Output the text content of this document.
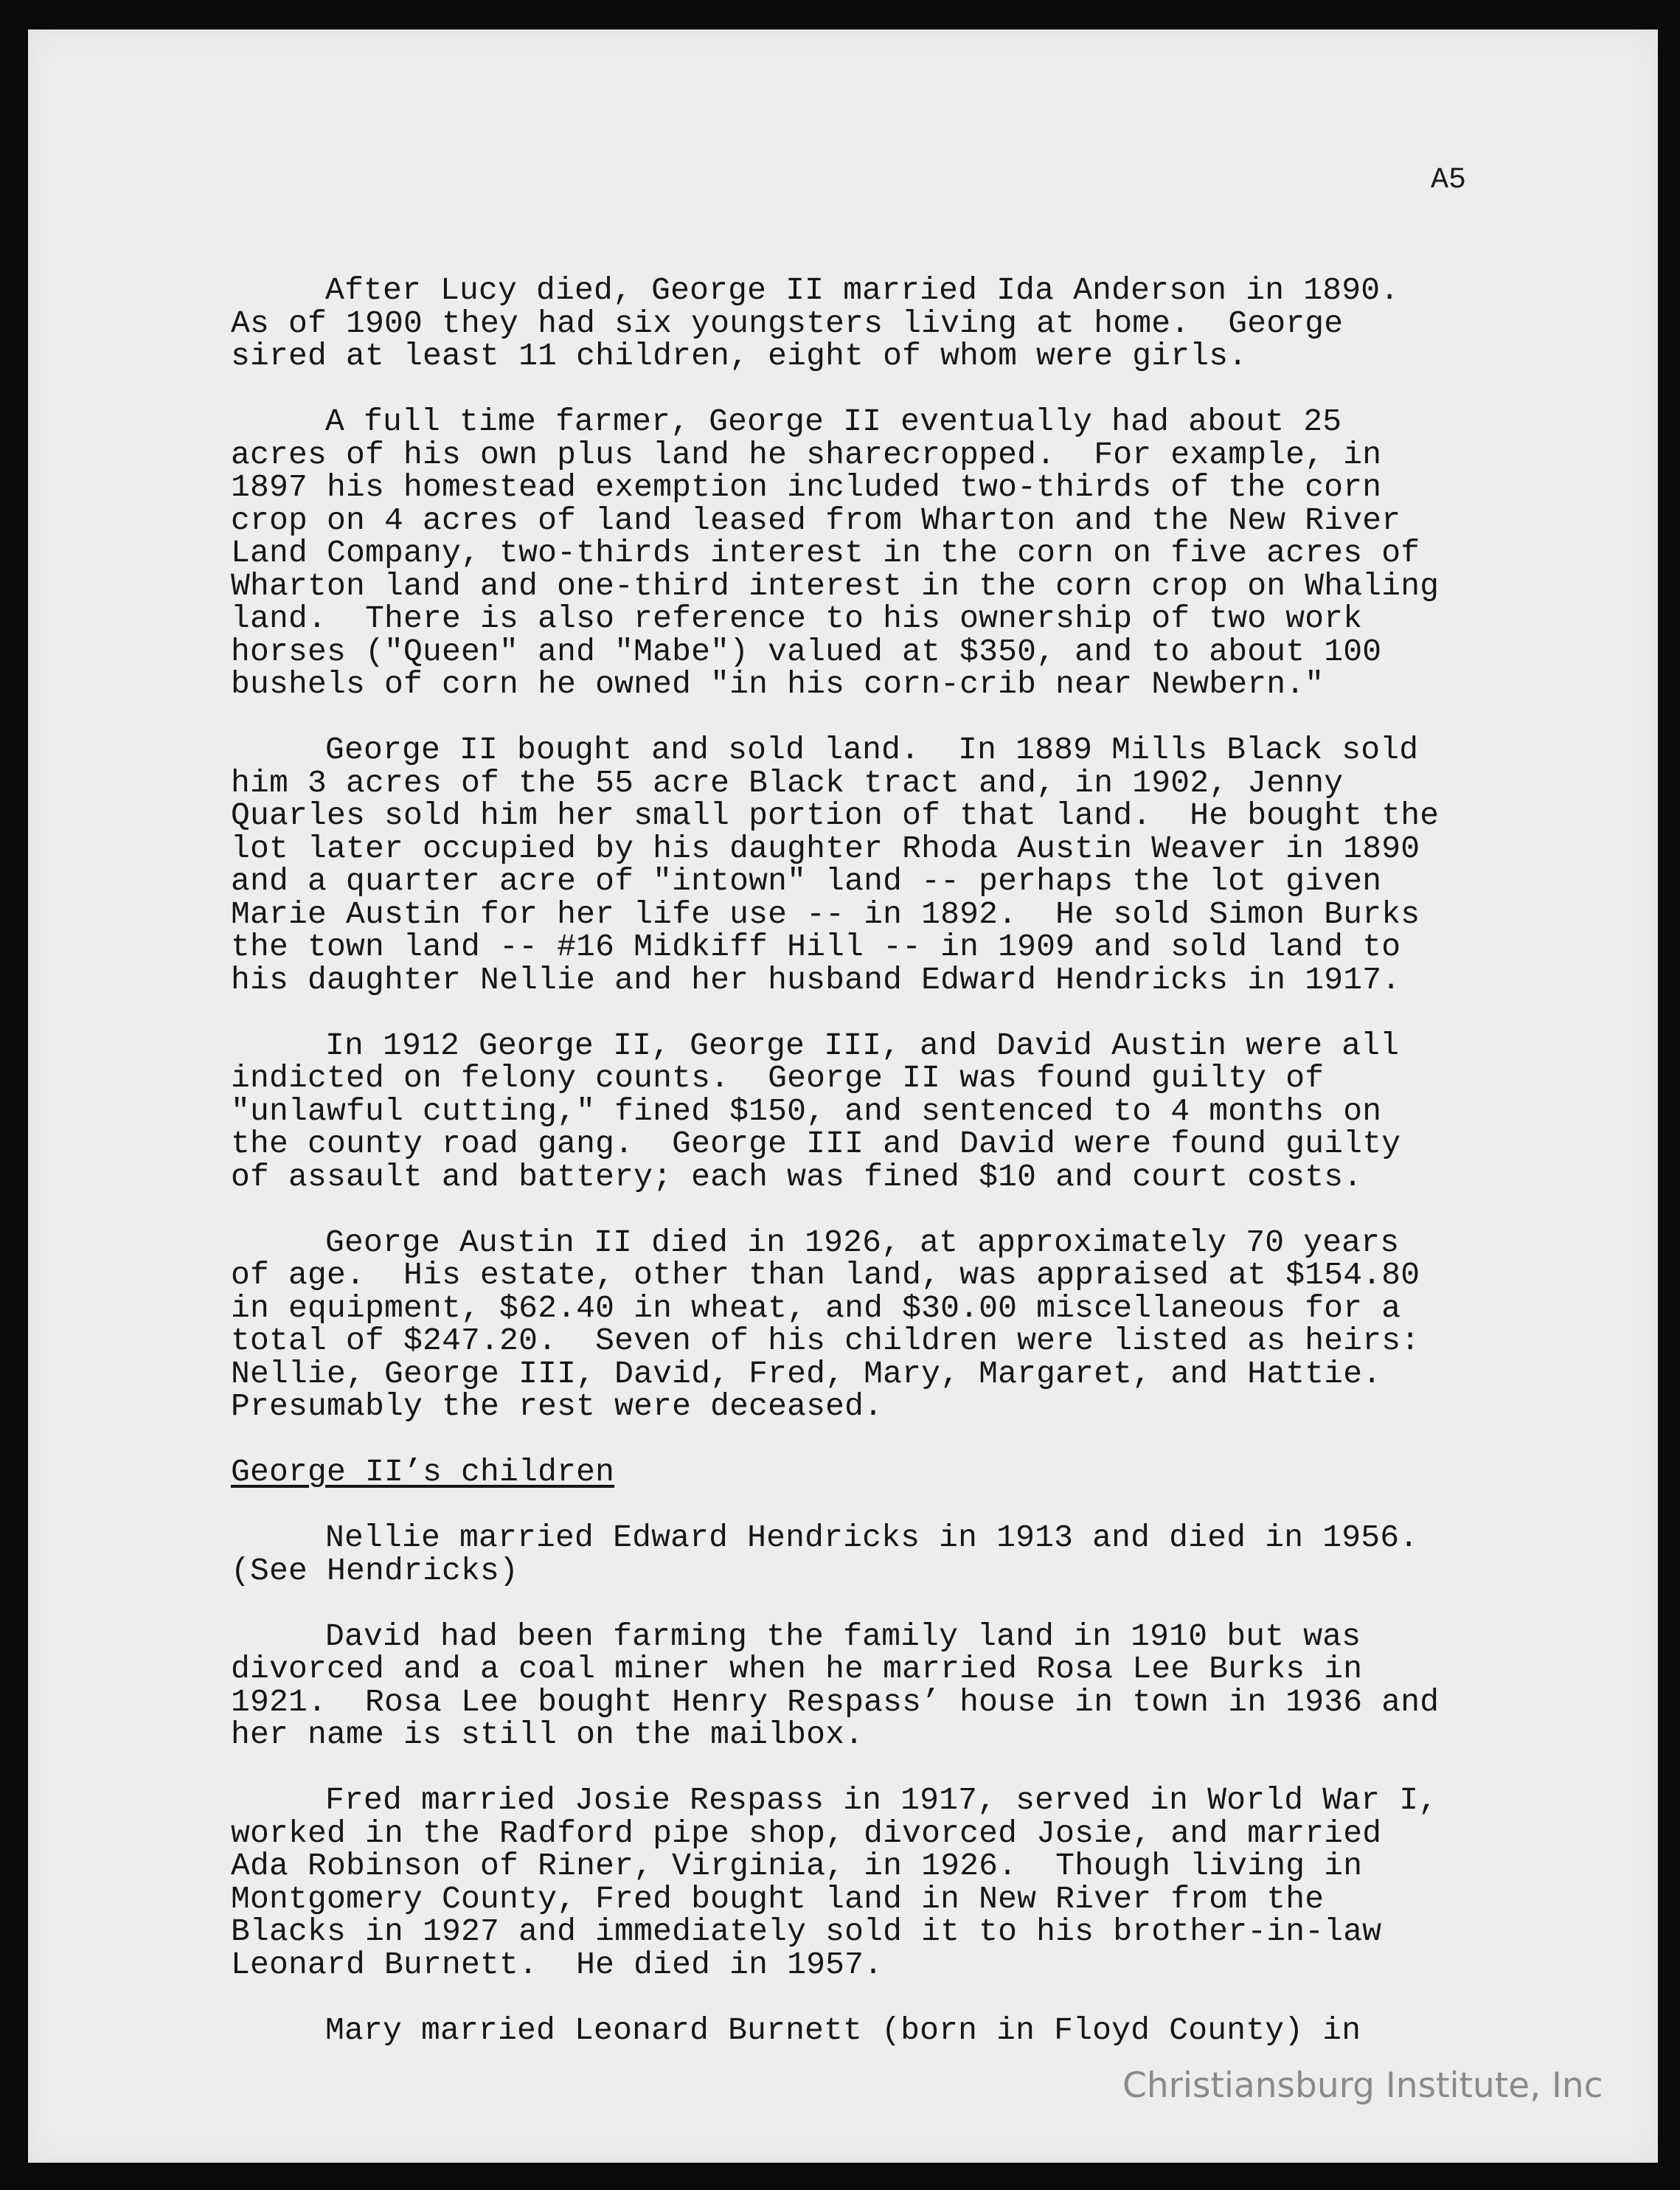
A5
After Lucy died, George II married Ida Anderson in 1890.
As of 1900 they had six youngsters living at home.  George
sired at least 11 children, eight of whom were girls.
A full time farmer, George II eventually had about 25
acres of his own plus land he sharecropped.  For example, in
1897 his homestead exemption included two-thirds of the corn
crop on 4 acres of land leased from Wharton and the New River
Land Company, two-thirds interest in the corn on five acres of
Wharton land and one-third interest in the corn crop on Whaling
land.  There is also reference to his ownership of two work
horses ("Queen" and "Mabe") valued at $350, and to about 100
bushels of corn he owned "in his corn-crib near Newbern."
George II bought and sold land.  In 1889 Mills Black sold
him 3 acres of the 55 acre Black tract and, in 1902, Jenny
Quarles sold him her small portion of that land.  He bought the
lot later occupied by his daughter Rhoda Austin Weaver in 1890
and a quarter acre of "intown" land -- perhaps the lot given
Marie Austin for her life use -- in 1892.  He sold Simon Burks
the town land -- #16 Midkiff Hill -- in 1909 and sold land to
his daughter Nellie and her husband Edward Hendricks in 1917.
In 1912 George II, George III, and David Austin were all
indicted on felony counts.  George II was found guilty of
"unlawful cutting," fined $150, and sentenced to 4 months on
the county road gang.  George III and David were found guilty
of assault and battery; each was fined $10 and court costs.
George Austin II died in 1926, at approximately 70 years
of age.  His estate, other than land, was appraised at $154.80
in equipment, $62.40 in wheat, and $30.00 miscellaneous for a
total of $247.20.  Seven of his children were listed as heirs:
Nellie, George III, David, Fred, Mary, Margaret, and Hattie.
Presumably the rest were deceased.
George II’s children
Nellie married Edward Hendricks in 1913 and died in 1956.
(See Hendricks)
David had been farming the family land in 1910 but was
divorced and a coal miner when he married Rosa Lee Burks in
1921.  Rosa Lee bought Henry Respass’ house in town in 1936 and
her name is still on the mailbox.
Fred married Josie Respass in 1917, served in World War I,
worked in the Radford pipe shop, divorced Josie, and married
Ada Robinson of Riner, Virginia, in 1926.  Though living in
Montgomery County, Fred bought land in New River from the
Blacks in 1927 and immediately sold it to his brother-in-law
Leonard Burnett.  He died in 1957.
Mary married Leonard Burnett (born in Floyd County) in
Christiansburg Institute, Inc
